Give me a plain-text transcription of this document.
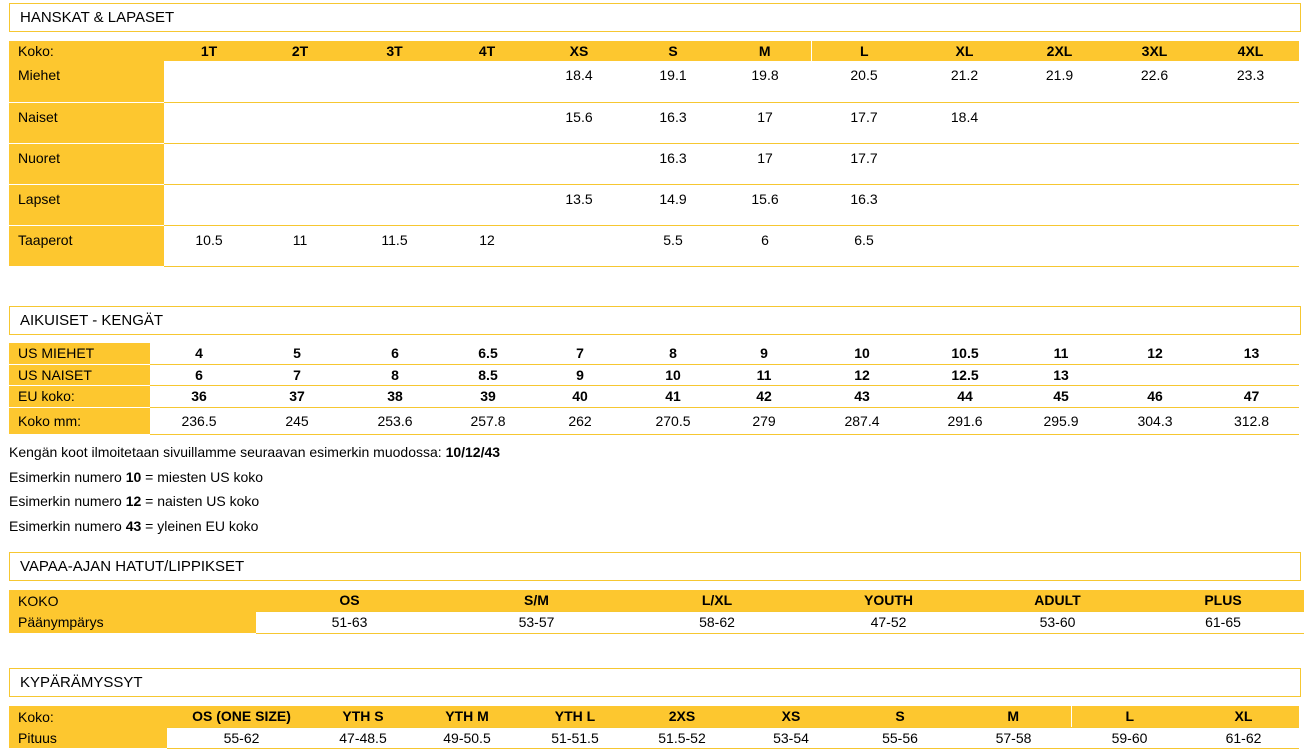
HANSKAT & LAPASET
Koko:	1T	2T	3T	4T	XS	S	M	L	XL	2XL	3XL	4XL
Miehet					18.4	19.1	19.8	20.5	21.2	21.9	22.6	23.3
Naiset					15.6	16.3	17	17.7	18.4			
Nuoret						16.3	17	17.7				
Lapset					13.5	14.9	15.6	16.3				
Taaperot	10.5	11	11.5	12		5.5	6	6.5				
AIKUISET - KENGÄT
US MIEHET	4	5	6	6.5	7	8	9	10	10.5	11	12	13
US NAISET	6	7	8	8.5	9	10	11	12	12.5	13		
EU koko:	36	37	38	39	40	41	42	43	44	45	46	47
Koko mm:	236.5	245	253.6	257.8	262	270.5	279	287.4	291.6	295.9	304.3	312.8

Kengän koot ilmoitetaan sivuillamme seuraavan esimerkin muodossa: 10/12/43

Esimerkin numero 10 = miesten US koko

Esimerkin numero 12 = naisten US koko

Esimerkin numero 43 = yleinen EU koko

VAPAA-AJAN HATUT/LIPPIKSET
KOKO	OS	S/M	L/XL	YOUTH	ADULT	PLUS
Päänympärys	51-63	53-57	58-62	47-52	53-60	61-65
KYPÄRÄMYSSYT
Koko:	OS (ONE SIZE)	YTH S	YTH M	YTH L	2XS	XS	S	M	L	XL
Pituus	55-62	47-48.5	49-50.5	51-51.5	51.5-52	53-54	55-56	57-58	59-60	61-62
